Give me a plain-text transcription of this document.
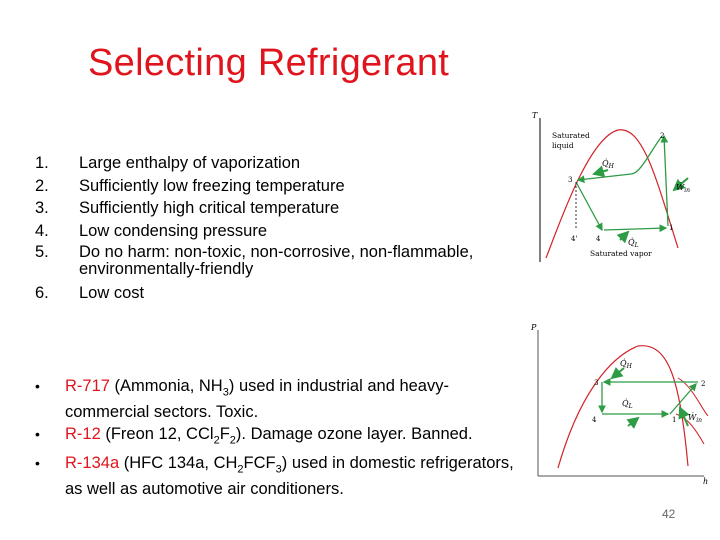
Selecting Refrigerant
1.	Large enthalpy of vaporization
2.	Sufficiently low freezing temperature
3.	Sufficiently high critical temperature
4.	Low condensing pressure
5.	Do no harm: non-toxic, non-corrosive, non-flammable, environmentally-friendly
6.	Low cost
•	R-717 (Ammonia, $NH_3$) used in industrial and heavy-commercial sectors. Toxic.
•	R-12 (Freon 12, $CCl_2F_2$). Damage ozone layer. Banned.
•	R-134a (HFC 134a, $CH_2FCF_3$) used in domestic refrigerators, as well as automotive air conditioners.
T
Saturated
liquid
Saturated vapor
$Q̇_H$
$Q̇_L$
$Ẇ_{in}$
2
3
1
4'	4
P
h
$Q̇_H$
$Q̇_L$
$Ẇ_{in}$
3	2
4	1
42
